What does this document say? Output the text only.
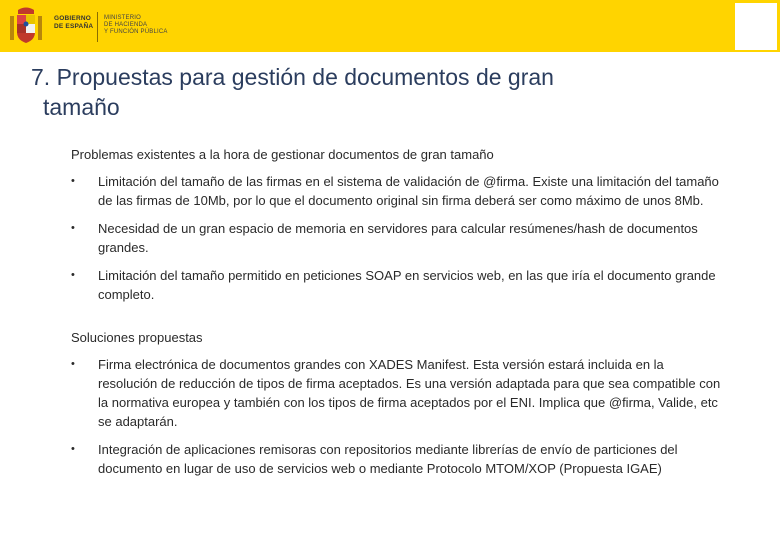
GOBIERNO
DE ESPAÑA
MINISTERIO
DE HACIENDA
Y FUNCIÓN PÚBLICA
7. Propuestas para gestión de documentos de gran
tamaño
Problemas existentes a la hora de gestionar documentos de gran tamaño
• Limitación del tamaño de las firmas en el sistema de validación de @firma. Existe una limitación del tamaño de las firmas de 10Mb, por lo que el documento original sin firma deberá ser como máximo de unos 8Mb.
• Necesidad de un gran espacio de memoria en servidores para calcular resúmenes/hash de documentos grandes.
• Limitación del tamaño permitido en peticiones SOAP en servicios web, en las que iría el documento grande completo.
Soluciones propuestas
• Firma electrónica de documentos grandes con XADES Manifest. Esta versión estará incluida en la resolución de reducción de tipos de firma aceptados. Es una versión adaptada para que sea compatible con la normativa europea y también con los tipos de firma aceptados por el ENI. Implica que @firma, Valide, etc se adaptarán.
• Integración de aplicaciones remisoras con repositorios mediante librerías de envío de particiones del documento en lugar de uso de servicios web o mediante Protocolo MTOM/XOP (Propuesta IGAE)
